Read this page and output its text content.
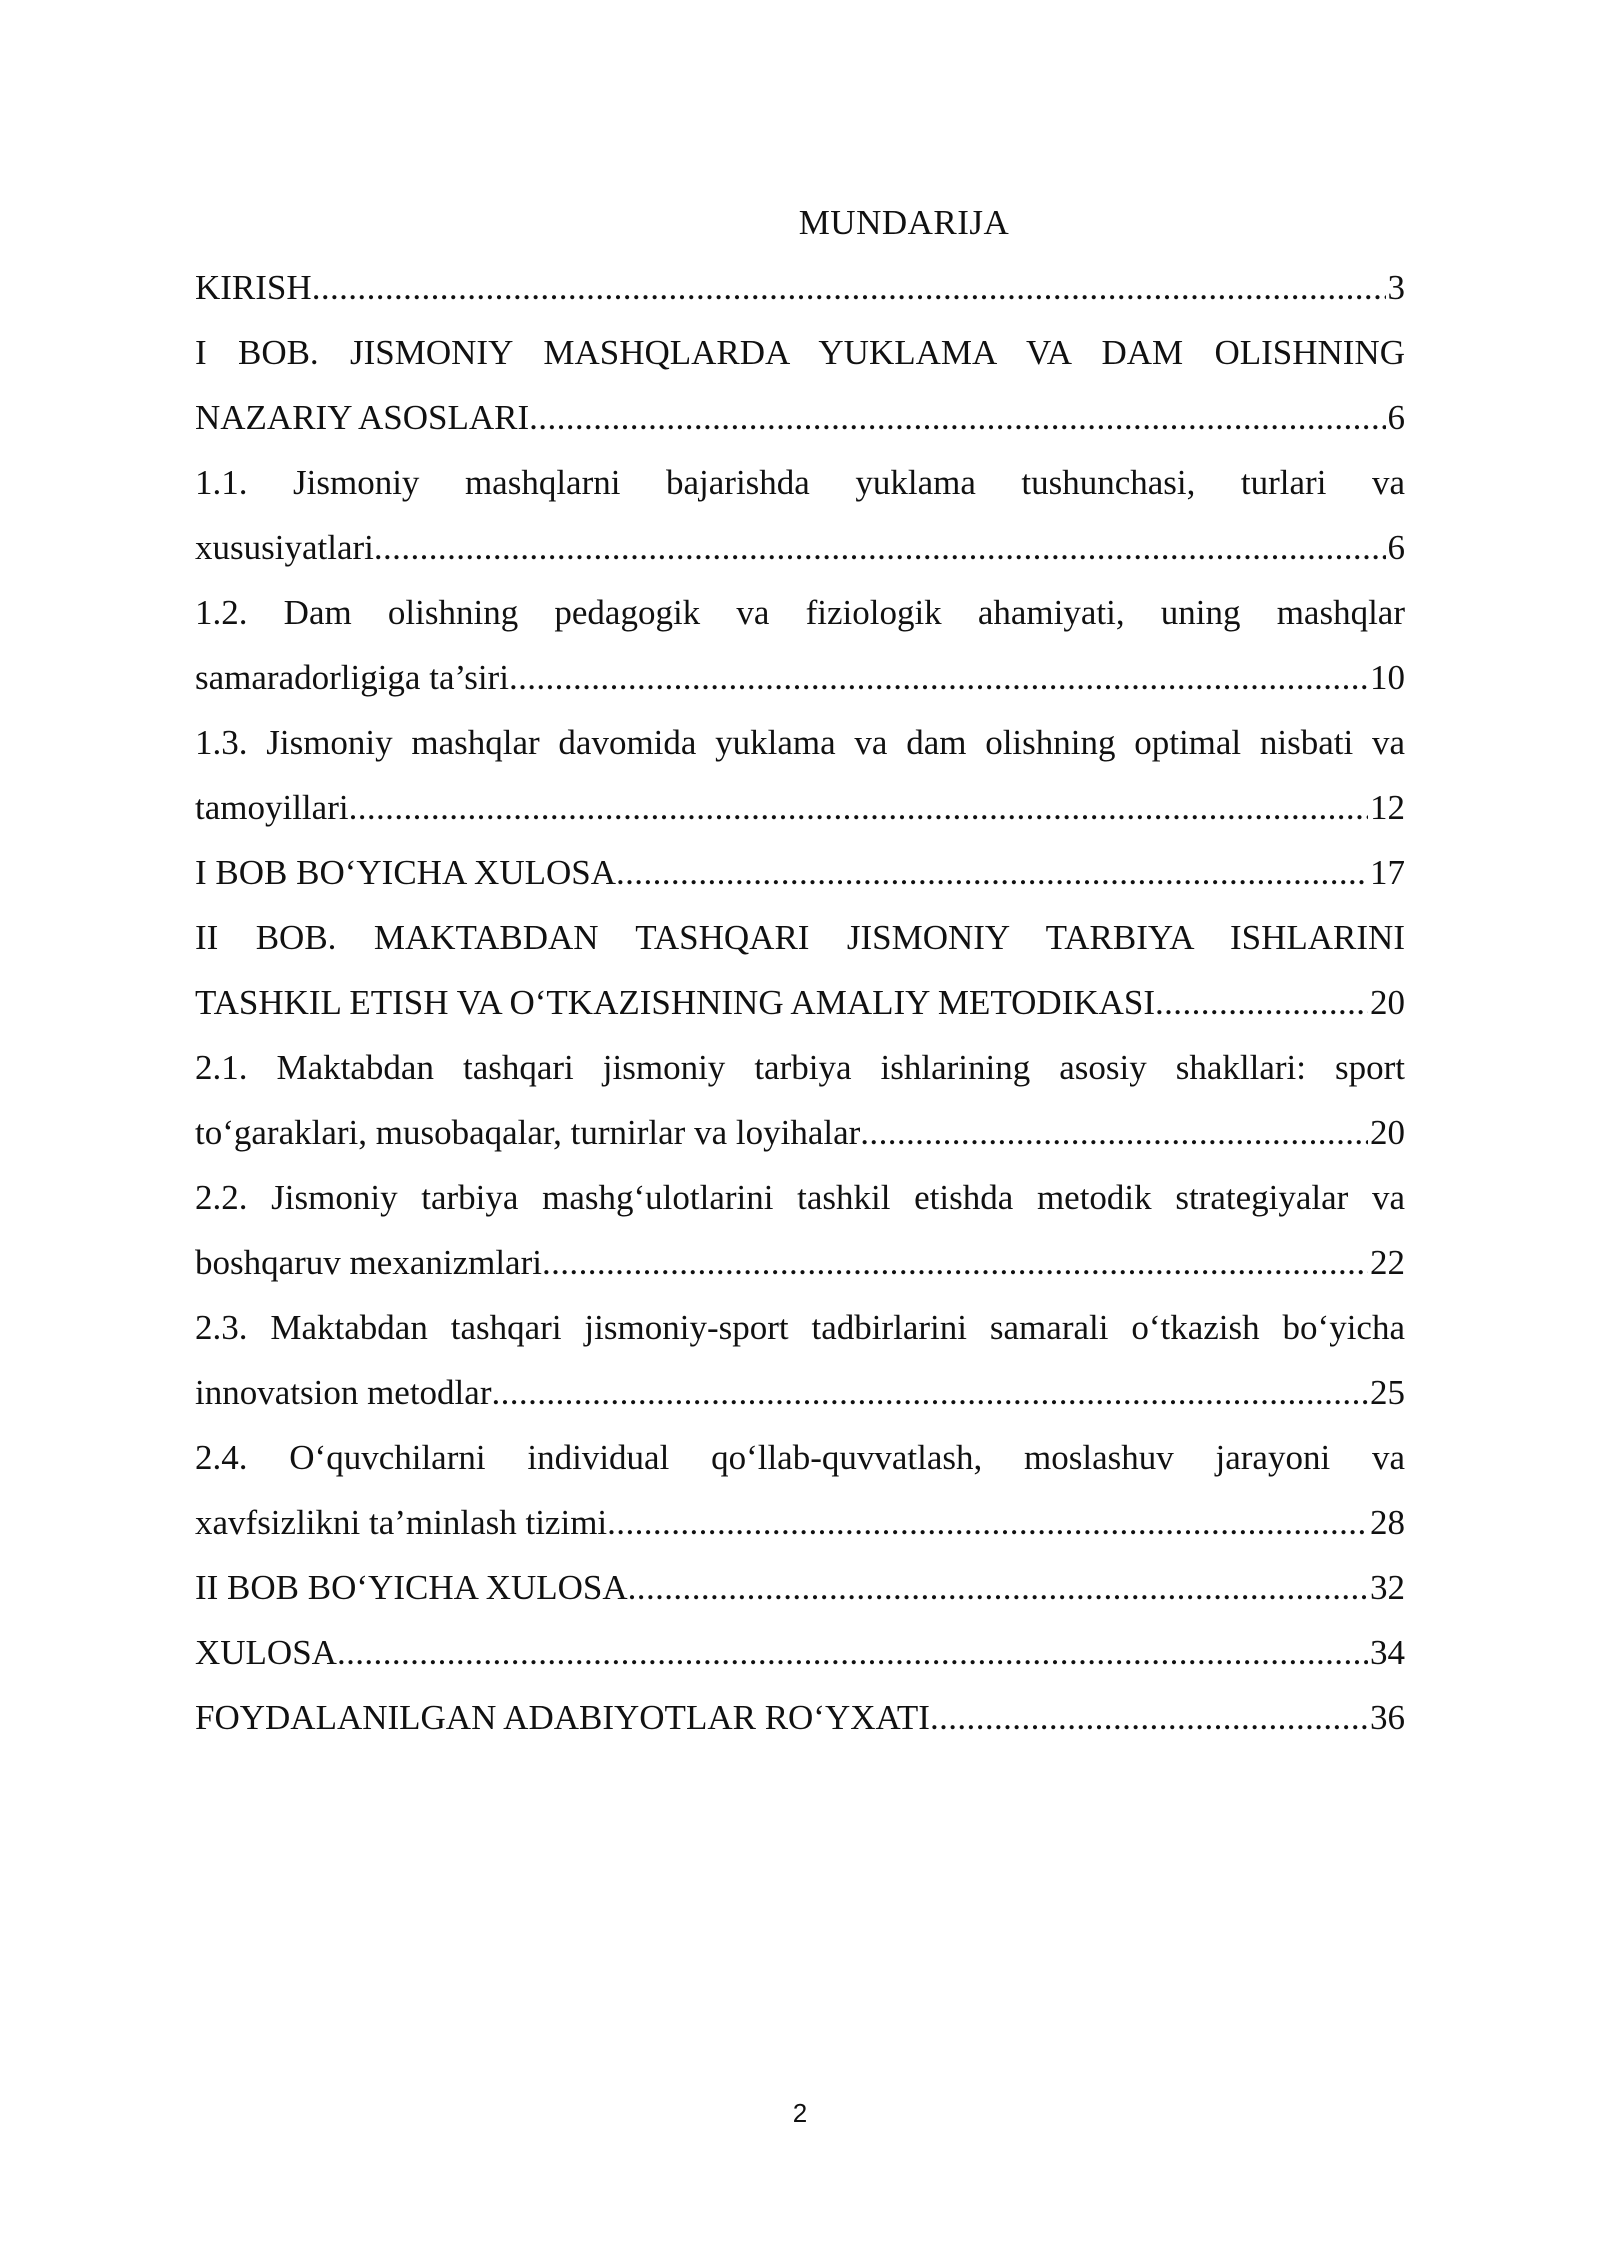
MUNDARIJA
KIRISH .....	3
I BOB. JISMONIY MASHQLARDA YUKLAMA VA DAM OLISHNING
NAZARIY ASOSLARI .....	6
1.1. Jismoniy mashqlarni bajarishda yuklama tushunchasi, turlari va
xususiyatlari .....	6
1.2. Dam olishning pedagogik va fiziologik ahamiyati, uning mashqlar
samaradorligiga ta’siri .....	10
1.3. Jismoniy mashqlar davomida yuklama va dam olishning optimal nisbati va
tamoyillari .....	12
I BOB BO‘YICHA XULOSA .....	17
II BOB. MAKTABDAN TASHQARI JISMONIY TARBIYA ISHLARINI
TASHKIL ETISH VA O‘TKAZISHNING AMALIY METODIKASI .....	20
2.1. Maktabdan tashqari jismoniy tarbiya ishlarining asosiy shakllari: sport
to‘garaklari, musobaqalar, turnirlar va loyihalar .....	20
2.2. Jismoniy tarbiya mashg‘ulotlarini tashkil etishda metodik strategiyalar va
boshqaruv mexanizmlari .....	22
2.3. Maktabdan tashqari jismoniy-sport tadbirlarini samarali o‘tkazish bo‘yicha
innovatsion metodlar .....	25
2.4. O‘quvchilarni individual qo‘llab-quvvatlash, moslashuv jarayoni va
xavfsizlikni ta’minlash tizimi .....	28
II BOB BO‘YICHA XULOSA .....	32
XULOSA .....	34
FOYDALANILGAN ADABIYOTLAR RO‘YXATI .....	36
2
